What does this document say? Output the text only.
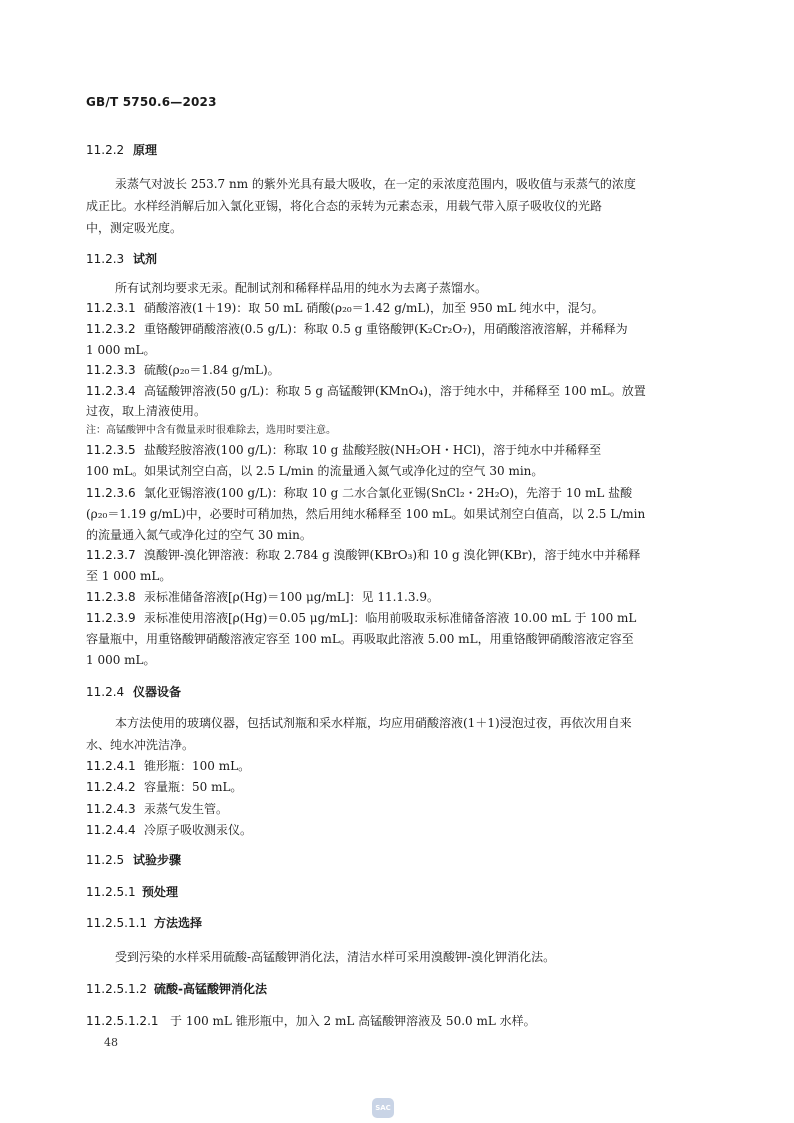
GB/T 5750.6—2023
11.2.2 原理
汞蒸气对波长 253.7 nm 的紫外光具有最大吸收，在一定的汞浓度范围内，吸收值与汞蒸气的浓度
成正比。水样经消解后加入氯化亚锡，将化合态的汞转为元素态汞，用载气带入原子吸收仪的光路
中，测定吸光度。
11.2.3 试剂
所有试剂均要求无汞。配制试剂和稀释样品用的纯水为去离子蒸馏水。
11.2.3.1 硝酸溶液(1＋19)：取 50 mL 硝酸(ρ₂₀＝1.42 g/mL)，加至 950 mL 纯水中，混匀。
11.2.3.2 重铬酸钾硝酸溶液(0.5 g/L)：称取 0.5 g 重铬酸钾(K₂Cr₂O₇)，用硝酸溶液溶解，并稀释为
1 000 mL。
11.2.3.3 硫酸(ρ₂₀＝1.84 g/mL)。
11.2.3.4 高锰酸钾溶液(50 g/L)：称取 5 g 高锰酸钾(KMnO₄)，溶于纯水中，并稀释至 100 mL。放置
过夜，取上清液使用。
注：高锰酸钾中含有微量汞时很难除去，选用时要注意。
11.2.3.5 盐酸羟胺溶液(100 g/L)：称取 10 g 盐酸羟胺(NH₂OH・HCl)，溶于纯水中并稀释至
100 mL。如果试剂空白高，以 2.5 L/min 的流量通入氮气或净化过的空气 30 min。
11.2.3.6 氯化亚锡溶液(100 g/L)：称取 10 g 二水合氯化亚锡(SnCl₂・2H₂O)，先溶于 10 mL 盐酸
(ρ₂₀＝1.19 g/mL)中，必要时可稍加热，然后用纯水稀释至 100 mL。如果试剂空白值高，以 2.5 L/min
的流量通入氮气或净化过的空气 30 min。
11.2.3.7 溴酸钾-溴化钾溶液：称取 2.784 g 溴酸钾(KBrO₃)和 10 g 溴化钾(KBr)，溶于纯水中并稀释
至 1 000 mL。
11.2.3.8 汞标准储备溶液[ρ(Hg)＝100 μg/mL]：见 11.1.3.9。
11.2.3.9 汞标准使用溶液[ρ(Hg)＝0.05 μg/mL]：临用前吸取汞标准储备溶液 10.00 mL 于 100 mL
容量瓶中，用重铬酸钾硝酸溶液定容至 100 mL。再吸取此溶液 5.00 mL，用重铬酸钾硝酸溶液定容至
1 000 mL。
11.2.4 仪器设备
本方法使用的玻璃仪器，包括试剂瓶和采水样瓶，均应用硝酸溶液(1＋1)浸泡过夜，再依次用自来
水、纯水冲洗洁净。
11.2.4.1 锥形瓶：100 mL。
11.2.4.2 容量瓶：50 mL。
11.2.4.3 汞蒸气发生管。
11.2.4.4 冷原子吸收测汞仪。
11.2.5 试验步骤
11.2.5.1 预处理
11.2.5.1.1 方法选择
受到污染的水样采用硫酸-高锰酸钾消化法，清洁水样可采用溴酸钾-溴化钾消化法。
11.2.5.1.2 硫酸-高锰酸钾消化法
11.2.5.1.2.1 于 100 mL 锥形瓶中，加入 2 mL 高锰酸钾溶液及 50.0 mL 水样。
48
SAC
